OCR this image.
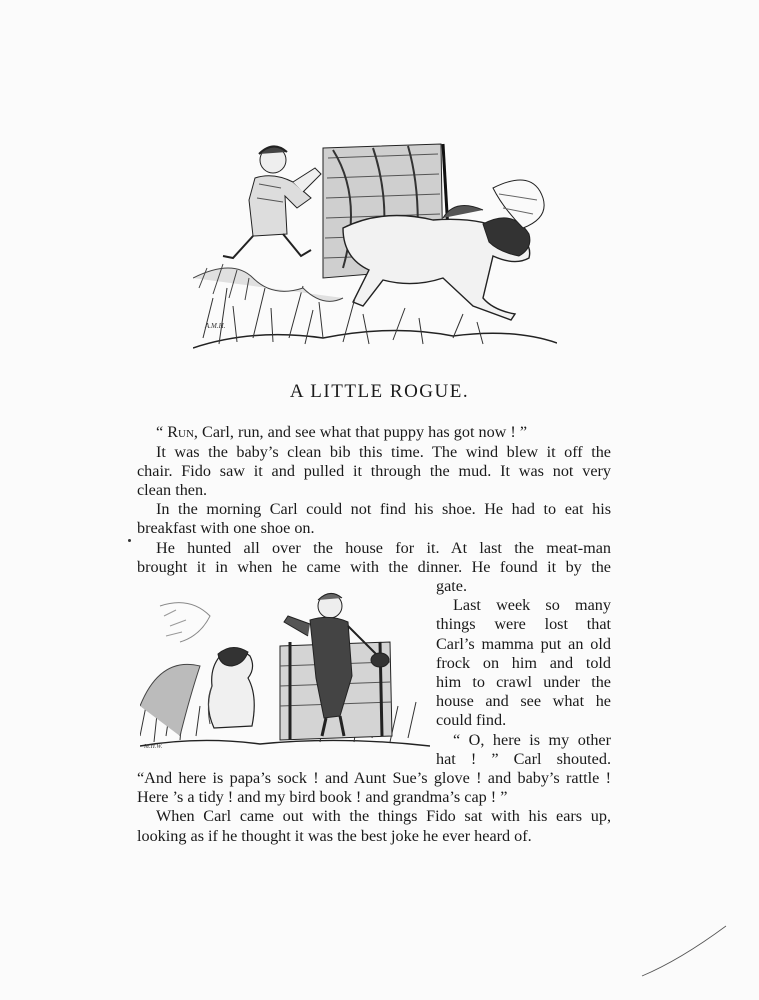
A.M.H.
A LITTLE ROGUE.
M.H.W.
“ Run, Carl, run, and see what that puppy has got now ! ”
It was the baby’s clean bib this time. The wind blew it off the
chair. Fido saw it and pulled it through the mud. It was not very
clean then.
In the morning Carl could not find his shoe. He had to eat his
breakfast with one shoe on.
He hunted all over the house for it. At last the meat-man
brought it in when he came with the dinner. He found it by the
gate.
Last week so many
things were lost that
Carl’s mamma put an old
frock on him and told
him to crawl under the
house and see what he
could find.
“ O, here is my other
hat ! ” Carl shouted.
“And here is papa’s sock ! and Aunt Sue’s glove ! and baby’s rattle !
Here ’s a tidy ! and my bird book ! and grandma’s cap ! ”
When Carl came out with the things Fido sat with his ears up,
looking as if he thought it was the best joke he ever heard of.
